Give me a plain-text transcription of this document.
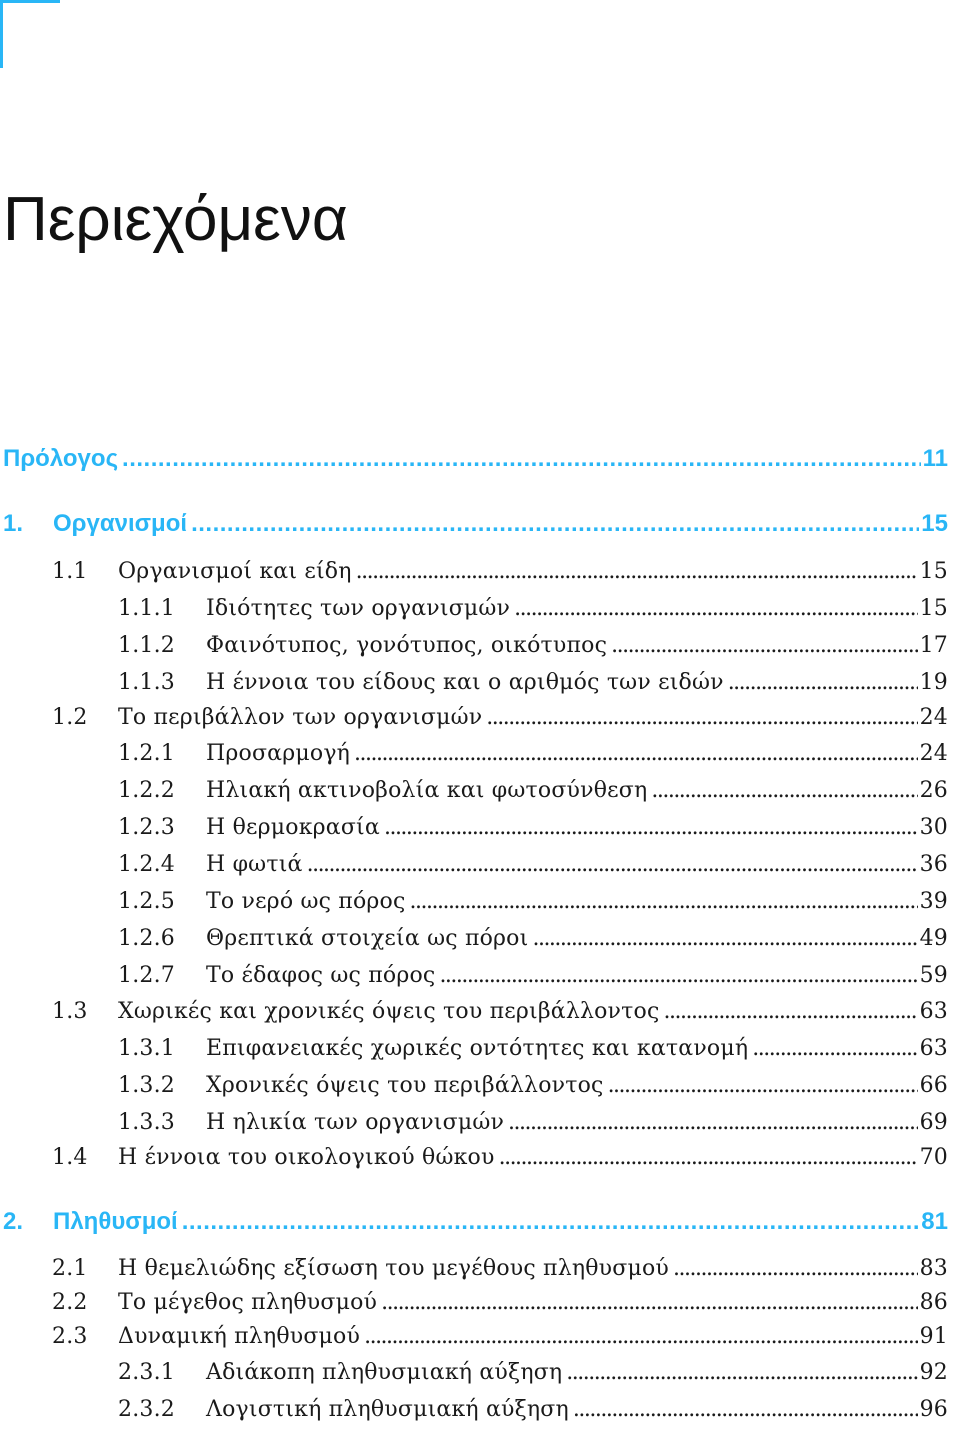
Περιεχόμενα
Πρόλογος .....	11
1.	Οργανισμοί .....	15
1.1	Οργανισμοί και είδη .....	15
1.1.1	Ιδιότητες των οργανισμών .....	15
1.1.2	Φαινότυπος, γονότυπος, οικότυπος .....	17
1.1.3	Η έννοια του είδους και ο αριθμός των ειδών .....	19
1.2	Το περιβάλλον των οργανισμών .....	24
1.2.1	Προσαρμογή .....	24
1.2.2	Ηλιακή ακτινοβολία και φωτοσύνθεση .....	26
1.2.3	Η θερμοκρασία .....	30
1.2.4	Η φωτιά .....	36
1.2.5	Το νερό ως πόρος .....	39
1.2.6	Θρεπτικά στοιχεία ως πόροι .....	49
1.2.7	Το έδαφος ως πόρος .....	59
1.3	Χωρικές και χρονικές όψεις του περιβάλλοντος .....	63
1.3.1	Επιφανειακές χωρικές οντότητες και κατανομή .....	63
1.3.2	Χρονικές όψεις του περιβάλλοντος .....	66
1.3.3	Η ηλικία των οργανισμών .....	69
1.4	Η έννοια του οικολογικού θώκου .....	70
2.	Πληθυσμοί .....	81
2.1	Η θεμελιώδης εξίσωση του μεγέθους πληθυσμού .....	83
2.2	Το μέγεθος πληθυσμού .....	86
2.3	Δυναμική πληθυσμού .....	91
2.3.1	Αδιάκοπη πληθυσμιακή αύξηση .....	92
2.3.2	Λογιστική πληθυσμιακή αύξηση .....	96
